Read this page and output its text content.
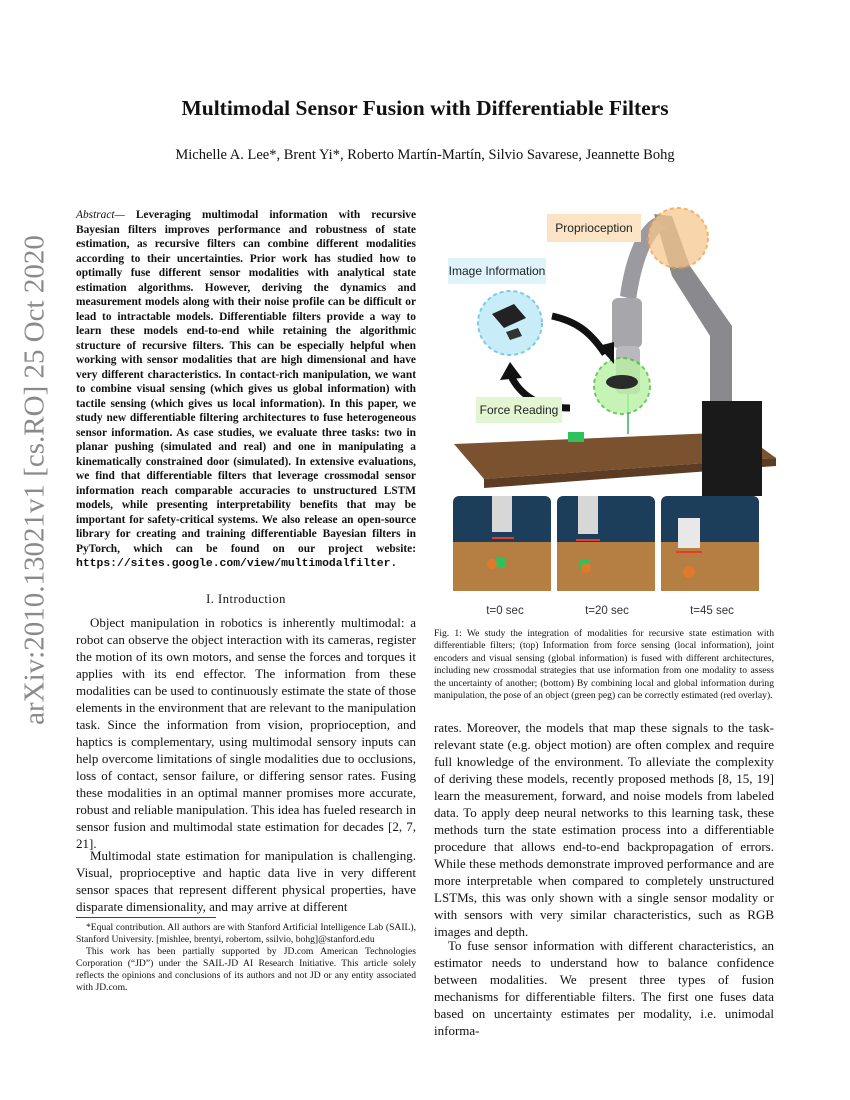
arXiv:2010.13021v1 [cs.RO] 25 Oct 2020
Multimodal Sensor Fusion with Differentiable Filters
Michelle A. Lee*, Brent Yi*, Roberto Martín-Martín, Silvio Savarese, Jeannette Bohg
Abstract— Leveraging multimodal information with recursive Bayesian filters improves performance and robustness of state estimation, as recursive filters can combine different modalities according to their uncertainties. Prior work has studied how to optimally fuse different sensor modalities with analytical state estimation algorithms. However, deriving the dynamics and measurement models along with their noise profile can be difficult or lead to intractable models. Differentiable filters provide a way to learn these models end-to-end while retaining the algorithmic structure of recursive filters. This can be especially helpful when working with sensor modalities that are high dimensional and have very different characteristics. In contact-rich manipulation, we want to combine visual sensing (which gives us global information) with tactile sensing (which gives us local information). In this paper, we study new differentiable filtering architectures to fuse heterogeneous sensor information. As case studies, we evaluate three tasks: two in planar pushing (simulated and real) and one in manipulating a kinematically constrained door (simulated). In extensive evaluations, we find that differentiable filters that leverage crossmodal sensor information reach comparable accuracies to unstructured LSTM models, while presenting interpretability benefits that may be important for safety-critical systems. We also release an open-source library for creating and training differentiable Bayesian filters in PyTorch, which can be found on our project website: https://sites.google.com/view/multimodalfilter.
I. Introduction
Object manipulation in robotics is inherently multimodal: a robot can observe the object interaction with its cameras, register the motion of its own motors, and sense the forces and torques it applies with its end effector. The information from these modalities can be used to continuously estimate the state of those elements in the environment that are relevant to the manipulation task. Since the information from vision, proprioception, and haptics is complementary, using multimodal sensory inputs can help overcome limitations of single modalities due to occlusions, loss of contact, sensor failure, or differing sensor rates. Fusing these modalities in an optimal manner promises more accurate, robust and reliable manipulation. This idea has fueled research in sensor fusion and multimodal state estimation for decades [2, 7, 21].
Multimodal state estimation for manipulation is challenging. Visual, proprioceptive and haptic data live in very different sensor spaces that represent different physical properties, have disparate dimensionality, and may arrive at different
*Equal contribution. All authors are with Stanford Artificial Intelligence Lab (SAIL), Stanford University. [mishlee, brentyi, robertom, ssilvio, bohg]@stanford.edu
This work has been partially supported by JD.com American Technologies Corporation (“JD”) under the SAIL-JD AI Research Initiative. This article solely reflects the opinions and conclusions of its authors and not JD or any entity associated with JD.com.
Proprioception
Image Information
Force Reading
t=0 sec	t=20 sec	t=45 sec
Fig. 1: We study the integration of modalities for recursive state estimation with differentiable filters; (top) Information from force sensing (local information), joint encoders and visual sensing (global information) is fused with different architectures, including new crossmodal strategies that use information from one modality to assess the uncertainty of another; (bottom) By combining local and global information during manipulation, the pose of an object (green peg) can be correctly estimated (red overlay).
rates. Moreover, the models that map these signals to the task-relevant state (e.g. object motion) are often complex and require full knowledge of the environment. To alleviate the complexity of deriving these models, recently proposed methods [8, 15, 19] learn the measurement, forward, and noise models from labeled data. To apply deep neural networks to this learning task, these methods turn the state estimation process into a differentiable procedure that allows end-to-end backpropagation of errors. While these methods demonstrate improved performance and are more interpretable when compared to completely unstructured LSTMs, this was only shown with a single sensor modality or with sensors with very similar characteristics, such as RGB images and depth.
To fuse sensor information with different characteristics, an estimator needs to understand how to balance confidence between modalities. We present three types of fusion mechanisms for differentiable filters. The first one fuses data based on uncertainty estimates per modality, i.e. unimodal informa-
